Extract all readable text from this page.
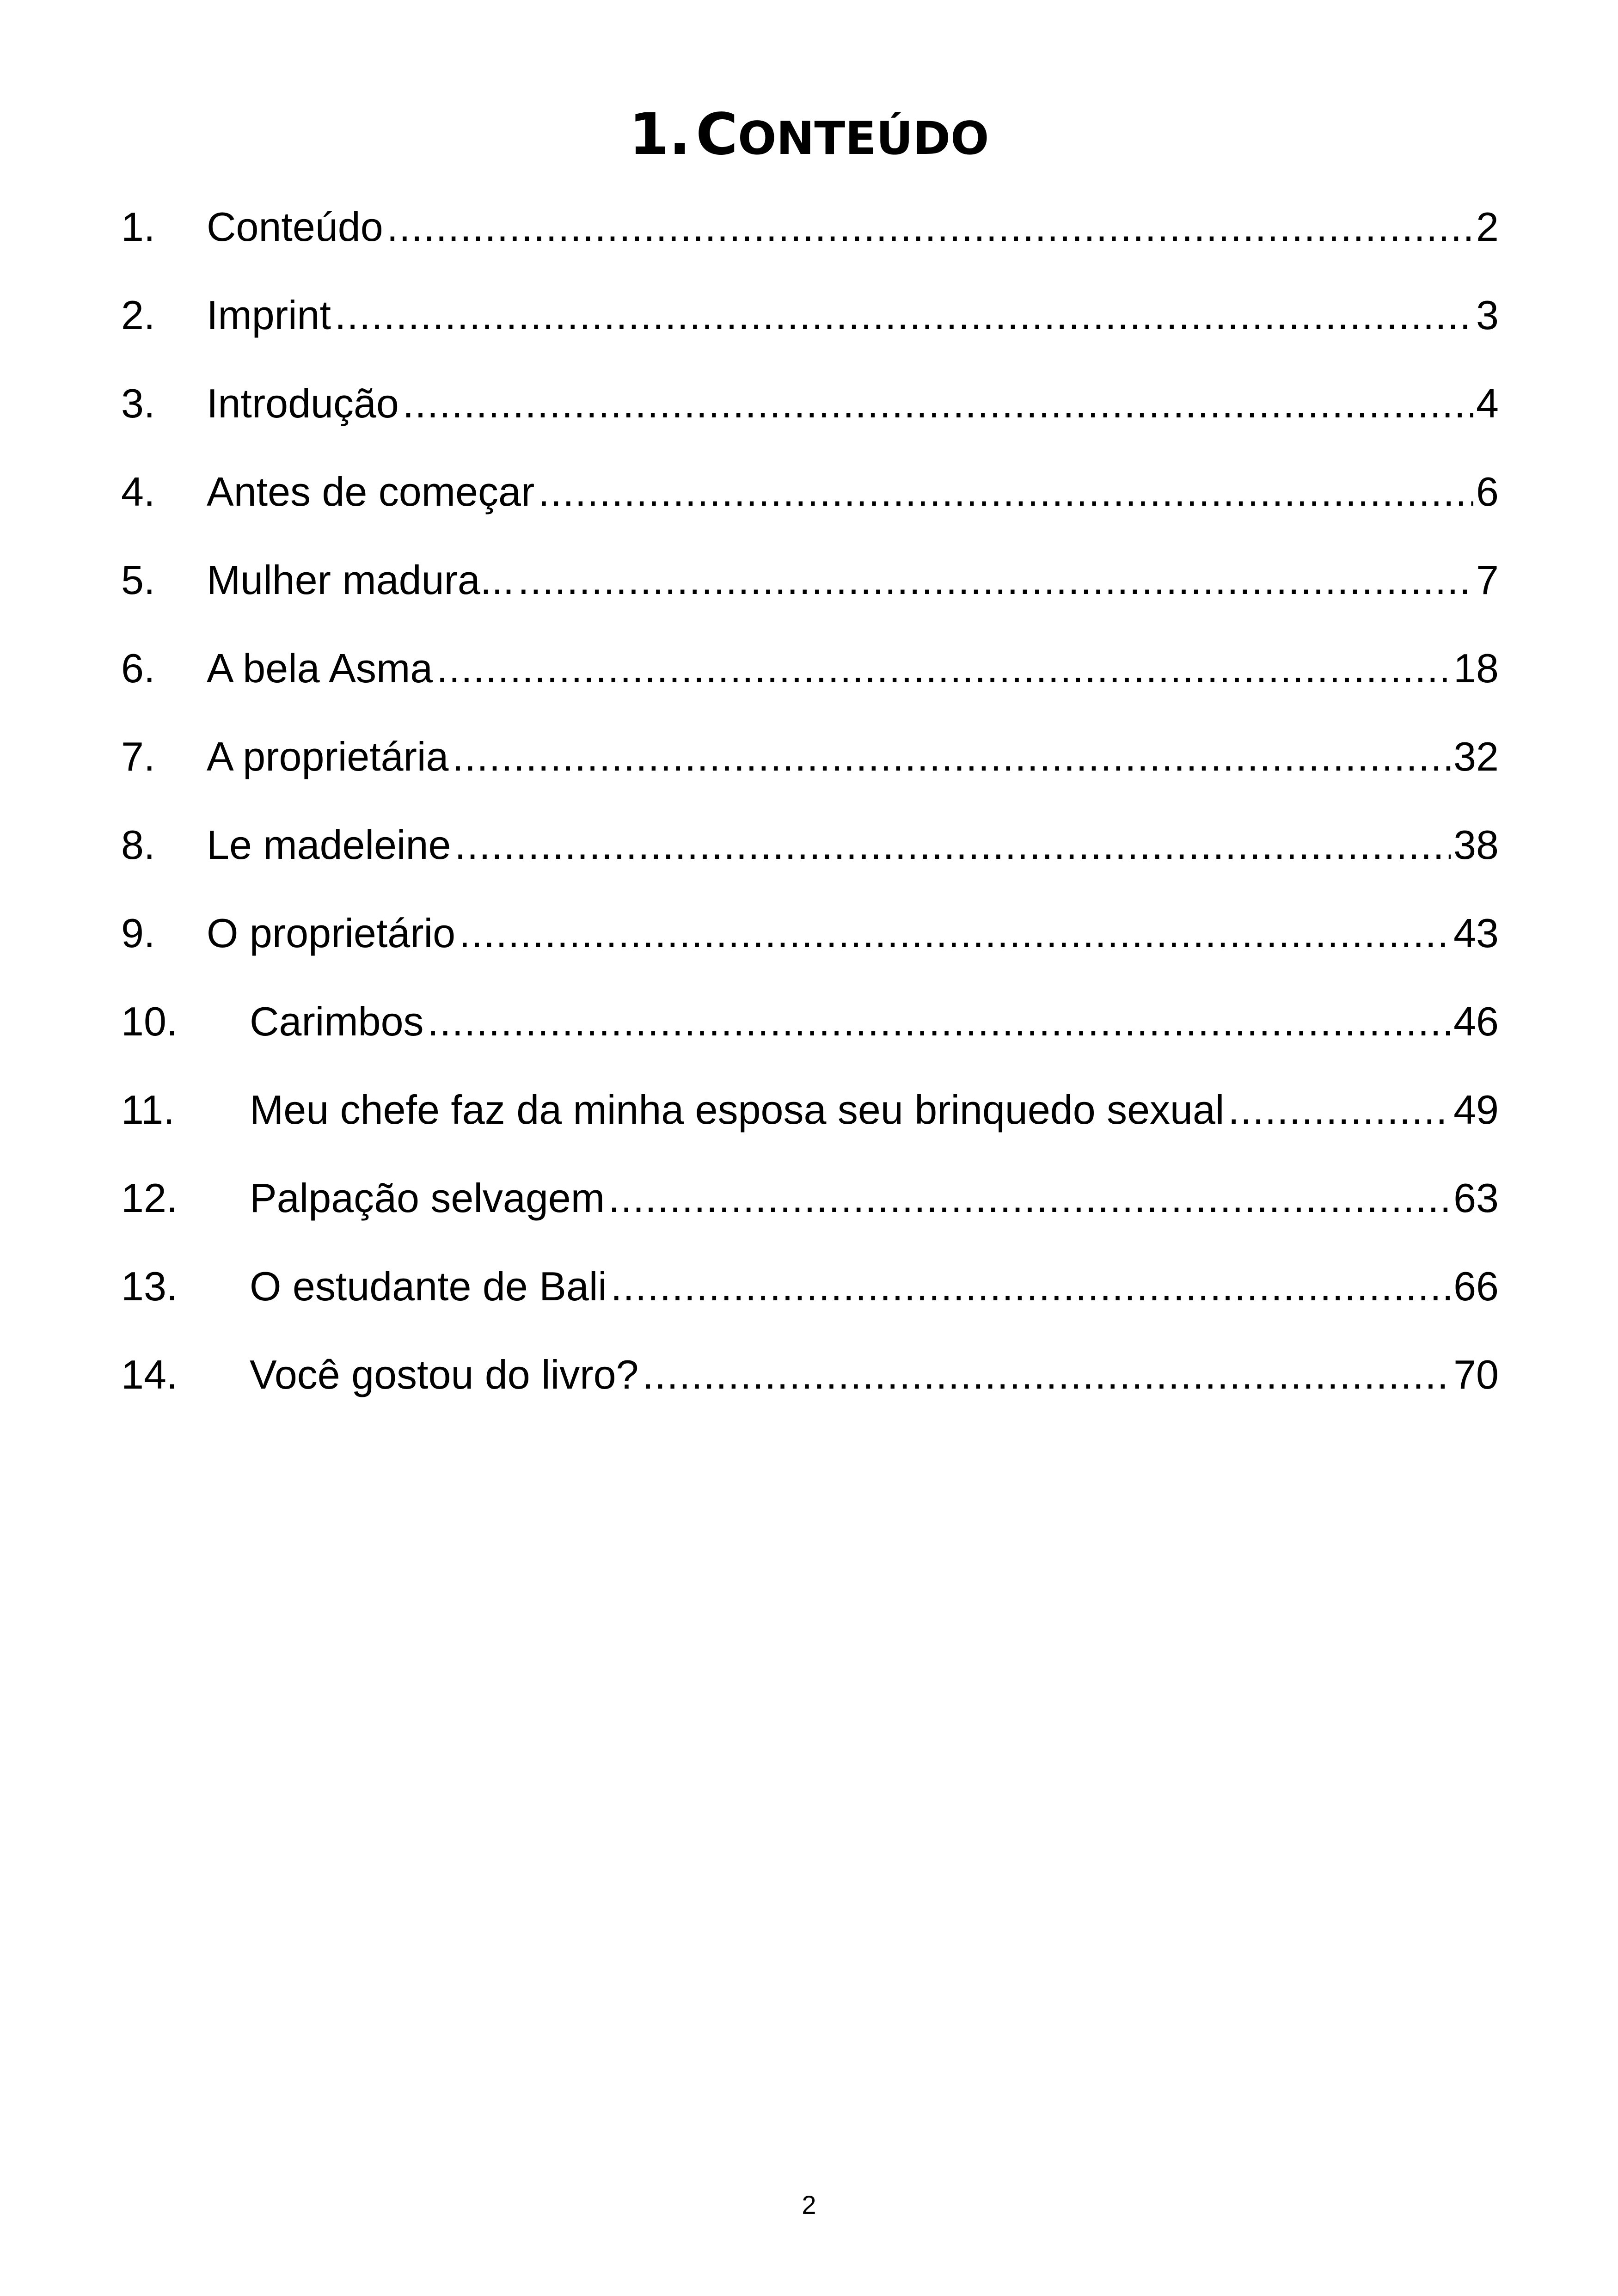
1. CONTEÚDO
1.	Conteúdo .....	2
2.	Imprint .....	3
3.	Introdução .....	4
4.	Antes de começar .....	6
5.	Mulher madura... .....	7
6.	A bela Asma .....	18
7.	A proprietária .....	32
8.	Le madeleine .....	38
9.	O proprietário .....	43
10.	Carimbos .....	46
11.	Meu chefe faz da minha esposa seu brinquedo sexual .....	49
12.	Palpação selvagem .....	63
13.	O estudante de Bali .....	66
14.	Você gostou do livro? .....	70
2
